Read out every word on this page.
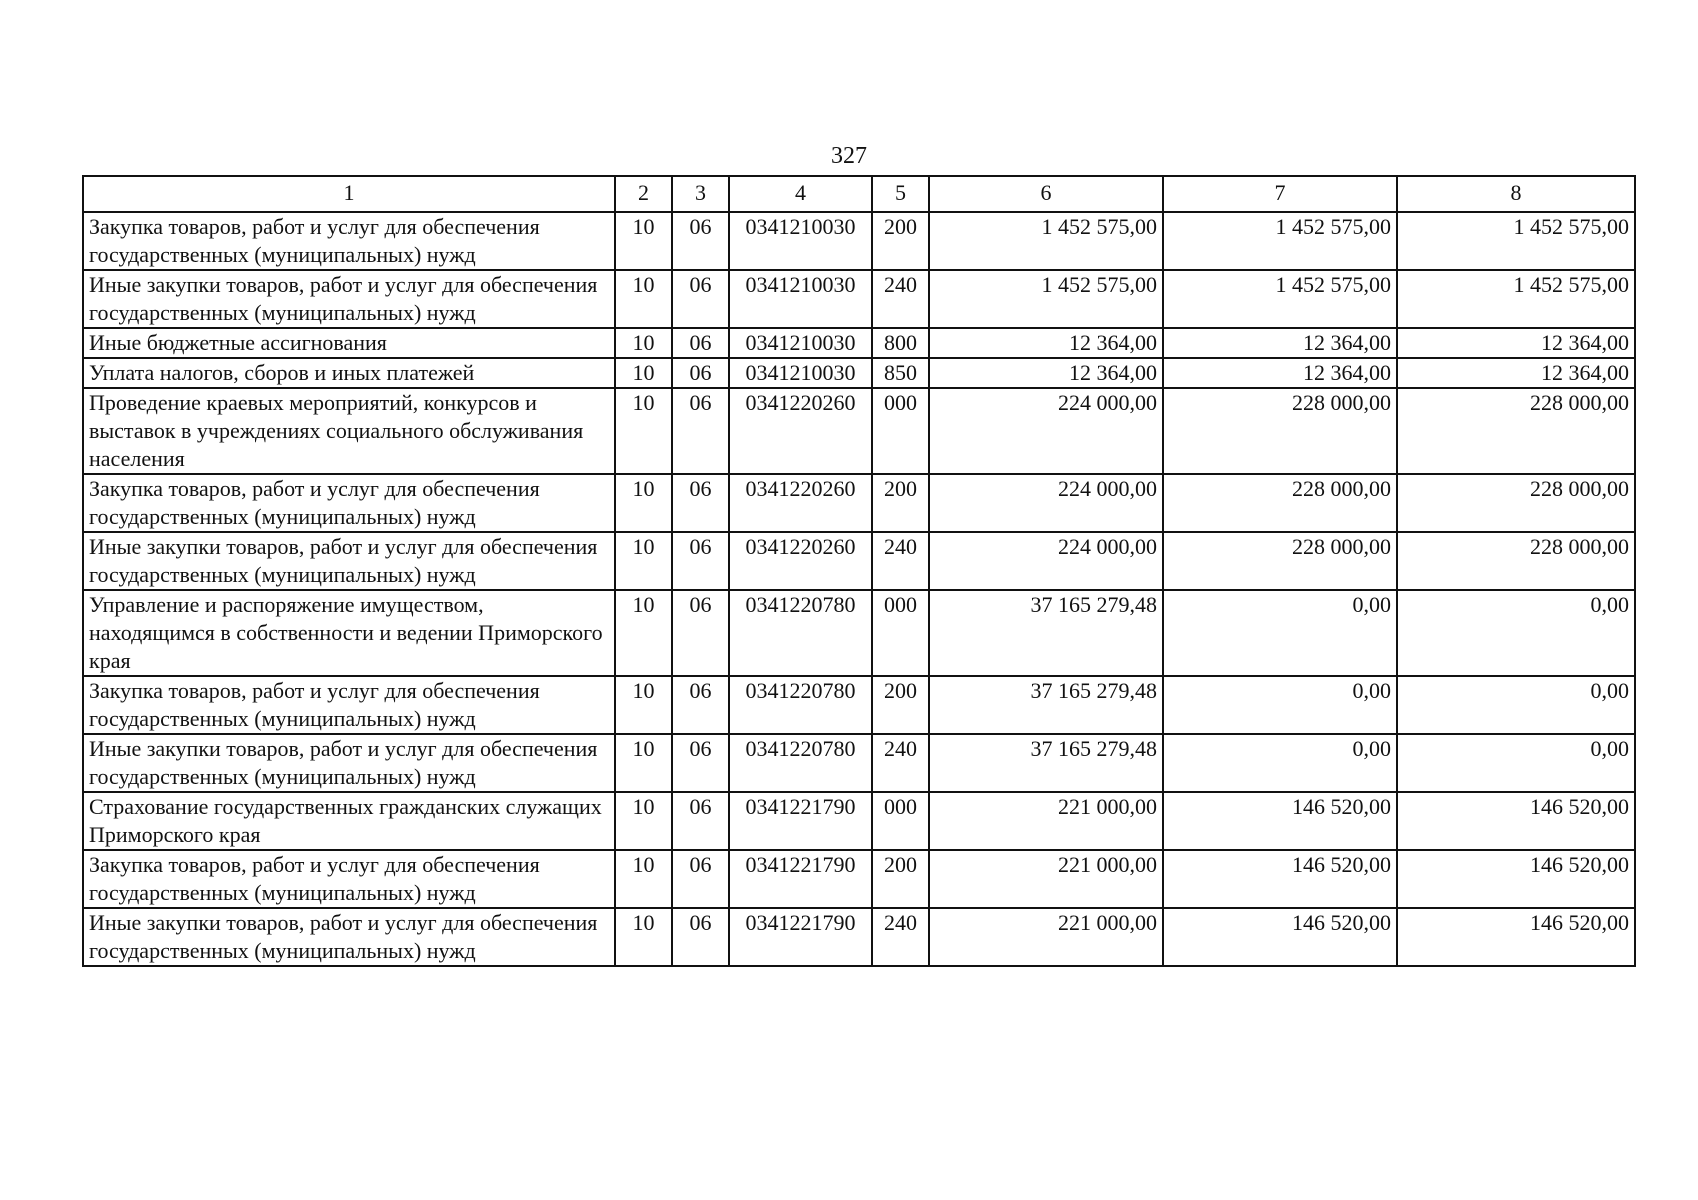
327
1	2	3	4	5	6	7	8
Закупка товаров, работ и услуг для обеспечения государственных (муниципальных) нужд	10	06	0341210030	200	1 452 575,00	1 452 575,00	1 452 575,00
Иные закупки товаров, работ и услуг для обеспечения государственных (муниципальных) нужд	10	06	0341210030	240	1 452 575,00	1 452 575,00	1 452 575,00
Иные бюджетные ассигнования	10	06	0341210030	800	12 364,00	12 364,00	12 364,00
Уплата налогов, сборов и иных платежей	10	06	0341210030	850	12 364,00	12 364,00	12 364,00
Проведение краевых мероприятий, конкурсов и выставок в учреждениях социального обслуживания населения	10	06	0341220260	000	224 000,00	228 000,00	228 000,00
Закупка товаров, работ и услуг для обеспечения государственных (муниципальных) нужд	10	06	0341220260	200	224 000,00	228 000,00	228 000,00
Иные закупки товаров, работ и услуг для обеспечения государственных (муниципальных) нужд	10	06	0341220260	240	224 000,00	228 000,00	228 000,00
Управление и распоряжение имуществом, находящимся в собственности и ведении Приморского края	10	06	0341220780	000	37 165 279,48	0,00	0,00
Закупка товаров, работ и услуг для обеспечения государственных (муниципальных) нужд	10	06	0341220780	200	37 165 279,48	0,00	0,00
Иные закупки товаров, работ и услуг для обеспечения государственных (муниципальных) нужд	10	06	0341220780	240	37 165 279,48	0,00	0,00
Страхование государственных гражданских служащих Приморского края	10	06	0341221790	000	221 000,00	146 520,00	146 520,00
Закупка товаров, работ и услуг для обеспечения государственных (муниципальных) нужд	10	06	0341221790	200	221 000,00	146 520,00	146 520,00
Иные закупки товаров, работ и услуг для обеспечения государственных (муниципальных) нужд	10	06	0341221790	240	221 000,00	146 520,00	146 520,00
